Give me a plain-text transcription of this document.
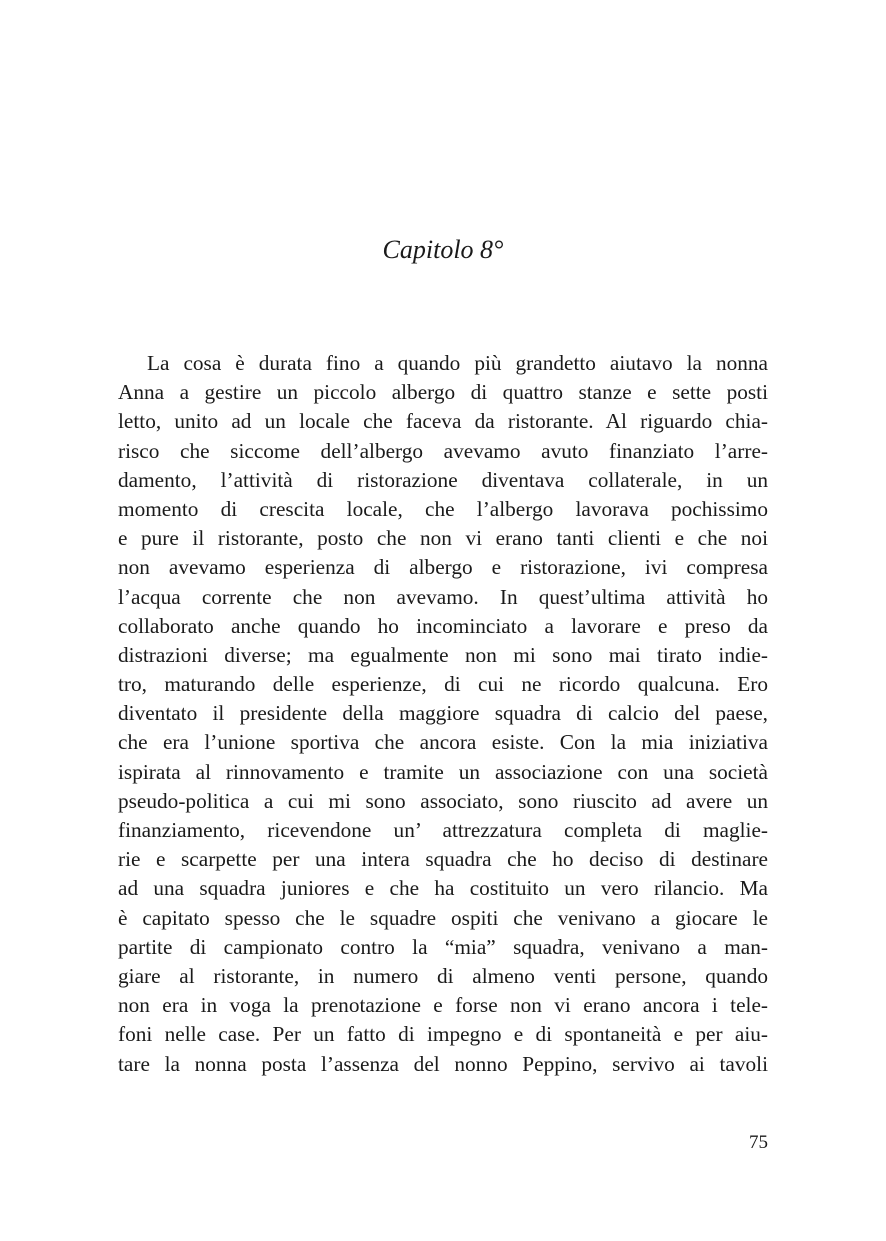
Capitolo 8°
La cosa è durata fino a quando più grandetto aiutavo la nonna
Anna a gestire un piccolo albergo di quattro stanze e sette posti
letto, unito ad un locale che faceva da ristorante. Al riguardo chia-
risco che siccome dell’albergo avevamo avuto finanziato l’arre-
damento, l’attività di ristorazione diventava collaterale, in un
momento di crescita locale, che l’albergo lavorava pochissimo
e pure il ristorante, posto che non vi erano tanti clienti e che noi
non avevamo esperienza di albergo e ristorazione, ivi compresa
l’acqua corrente che non avevamo. In quest’ultima attività ho
collaborato anche quando ho incominciato a lavorare e preso da
distrazioni diverse; ma egualmente non mi sono mai tirato indie-
tro, maturando delle esperienze, di cui ne ricordo qualcuna. Ero
diventato il presidente della maggiore squadra di calcio del paese,
che era l’unione sportiva che ancora esiste. Con la mia iniziativa
ispirata al rinnovamento e tramite un associazione con una società
pseudo-politica a cui mi sono associato, sono riuscito ad avere un
finanziamento, ricevendone un’ attrezzatura completa di maglie-
rie e scarpette per una intera squadra che ho deciso di destinare
ad una squadra juniores e che ha costituito un vero rilancio. Ma
è capitato spesso che le squadre ospiti che venivano a giocare le
partite di campionato contro la “mia” squadra, venivano a man-
giare al ristorante, in numero di almeno venti persone, quando
non era in voga la prenotazione e forse non vi erano ancora i tele-
foni nelle case. Per un fatto di impegno e di spontaneità e per aiu-
tare la nonna posta l’assenza del nonno Peppino, servivo ai tavoli
75
